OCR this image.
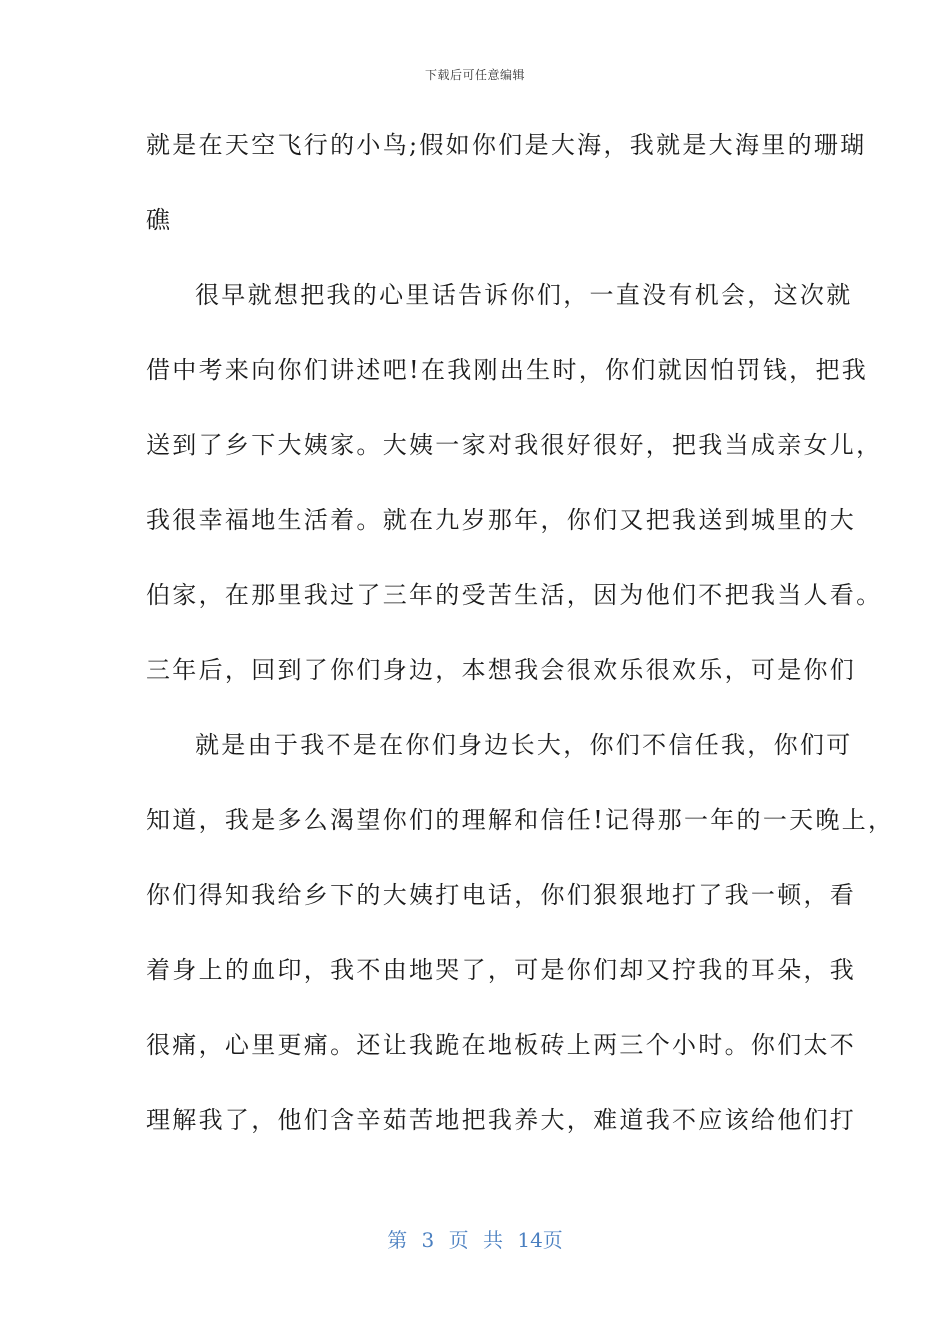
下载后可任意编辑
就是在天空飞行的小鸟;假如你们是大海，我就是大海里的珊瑚
礁
很早就想把我的心里话告诉你们，一直没有机会，这次就
借中考来向你们讲述吧!在我刚出生时，你们就因怕罚钱，把我
送到了乡下大姨家。大姨一家对我很好很好，把我当成亲女儿，
我很幸福地生活着。就在九岁那年，你们又把我送到城里的大
伯家，在那里我过了三年的受苦生活，因为他们不把我当人看。
三年后，回到了你们身边，本想我会很欢乐很欢乐，可是你们
就是由于我不是在你们身边长大，你们不信任我，你们可
知道，我是多么渴望你们的理解和信任!记得那一年的一天晚上，
你们得知我给乡下的大姨打电话，你们狠狠地打了我一顿，看
着身上的血印，我不由地哭了，可是你们却又拧我的耳朵，我
很痛，心里更痛。还让我跪在地板砖上两三个小时。你们太不
理解我了，他们含辛茹苦地把我养大，难道我不应该给他们打
第 3 页 共 14页
